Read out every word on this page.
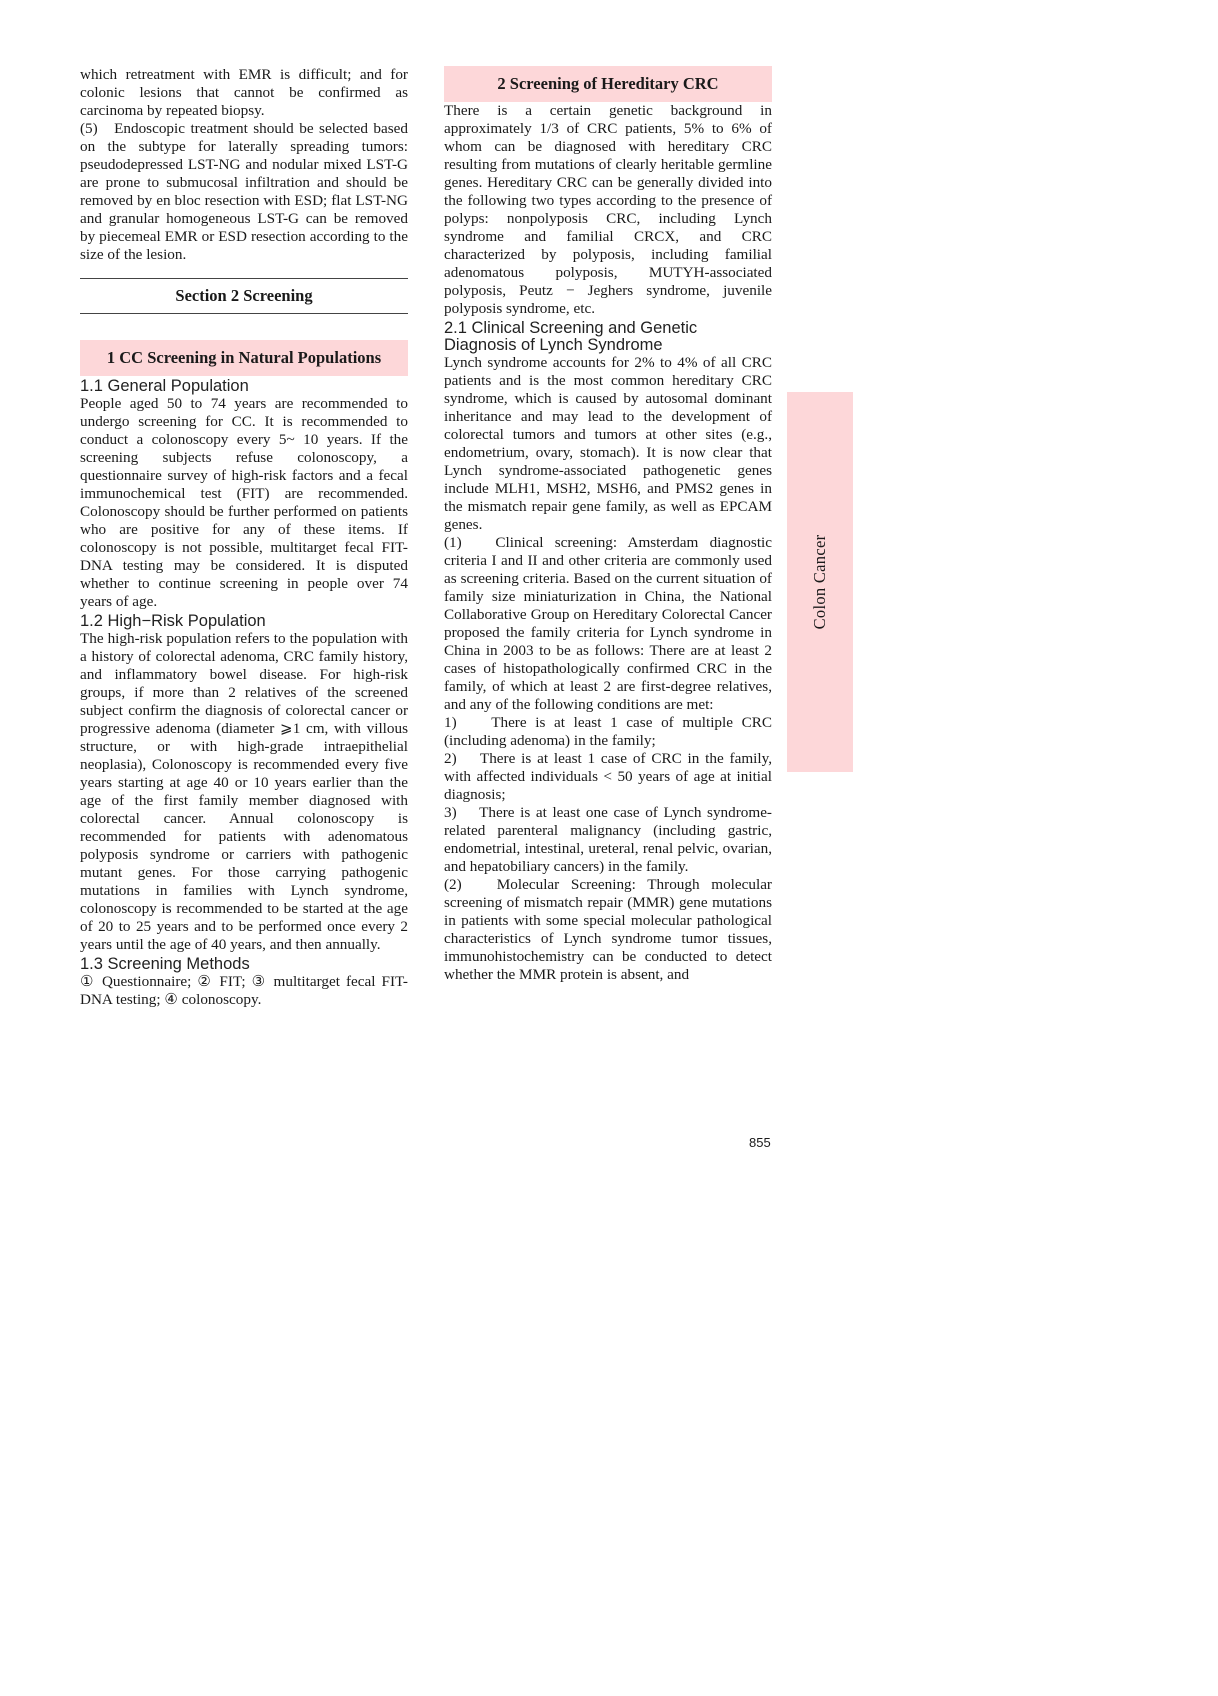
which retreatment with EMR is difficult; and for colonic lesions that cannot be confirmed as carcinoma by repeated biopsy.

(5)   Endoscopic treatment should be selected based on the subtype for laterally spreading tumors: pseudodepressed LST-NG and nodular mixed LST-G are prone to submucosal infiltration and should be removed by en bloc resection with ESD; flat LST-NG and granular homogeneous LST-G can be removed by piecemeal EMR or ESD resection according to the size of the lesion.

Section 2 Screening
1 CC Screening in Natural Populations
1.1 General Population

People aged 50 to 74 years are recommended to undergo screening for CC. It is recommended to conduct a colonoscopy every 5~ 10 years. If the screening subjects refuse colonoscopy, a questionnaire survey of high-risk factors and a fecal immunochemical test (FIT) are recommended. Colonoscopy should be further performed on patients who are positive for any of these items. If colonoscopy is not possible, multitarget fecal FIT-DNA testing may be considered. It is disputed whether to continue screening in people over 74 years of age.

1.2 High−Risk Population

The high-risk population refers to the population with a history of colorectal adenoma, CRC family history, and inflammatory bowel disease. For high-risk groups, if more than 2 relatives of the screened subject confirm the diagnosis of colorectal cancer or progressive adenoma (diameter ⩾1 cm, with villous structure, or with high-grade intraepithelial neoplasia), Colonoscopy is recommended every five years starting at age 40 or 10 years earlier than the age of the first family member diagnosed with colorectal cancer. Annual colonoscopy is recommended for patients with adenomatous polyposis syndrome or carriers with pathogenic mutant genes. For those carrying pathogenic mutations in families with Lynch syndrome, colonoscopy is recommended to be started at the age of 20 to 25 years and to be performed once every 2 years until the age of 40 years, and then annually.

1.3 Screening Methods

① Questionnaire; ② FIT; ③ multitarget fecal FIT-DNA testing; ④ colonoscopy.

2 Screening of Hereditary CRC

There is a certain genetic background in approximately 1/3 of CRC patients, 5% to 6% of whom can be diagnosed with hereditary CRC resulting from mutations of clearly heritable germline genes. Hereditary CRC can be generally divided into the following two types according to the presence of polyps: nonpolyposis CRC, including Lynch syndrome and familial CRCX, and CRC characterized by polyposis, including familial adenomatous polyposis, MUTYH-associated polyposis, Peutz − Jeghers syndrome, juvenile polyposis syndrome, etc.

2.1 Clinical Screening and Genetic Diagnosis of Lynch Syndrome

Lynch syndrome accounts for 2% to 4% of all CRC patients and is the most common hereditary CRC syndrome, which is caused by autosomal dominant inheritance and may lead to the development of colorectal tumors and tumors at other sites (e.g., endometrium, ovary, stomach). It is now clear that Lynch syndrome-associated pathogenetic genes include MLH1, MSH2, MSH6, and PMS2 genes in the mismatch repair gene family, as well as EPCAM genes.

(1)   Clinical screening: Amsterdam diagnostic criteria I and II and other criteria are commonly used as screening criteria. Based on the current situation of family size miniaturization in China, the National Collaborative Group on Hereditary Colorectal Cancer proposed the family criteria for Lynch syndrome in China in 2003 to be as follows: There are at least 2 cases of histopathologically confirmed CRC in the family, of which at least 2 are first-degree relatives, and any of the following conditions are met:

1)    There is at least 1 case of multiple CRC (including adenoma) in the family;

2)    There is at least 1 case of CRC in the family, with affected individuals < 50 years of age at initial diagnosis;

3)    There is at least one case of Lynch syndrome-related parenteral malignancy (including gastric, endometrial, intestinal, ureteral, renal pelvic, ovarian, and hepatobiliary cancers) in the family.

(2)   Molecular Screening: Through molecular screening of mismatch repair (MMR) gene mutations in patients with some special molecular pathological characteristics of Lynch syndrome tumor tissues, immunohistochemistry can be conducted to detect whether the MMR protein is absent, and

Colon Cancer
855
